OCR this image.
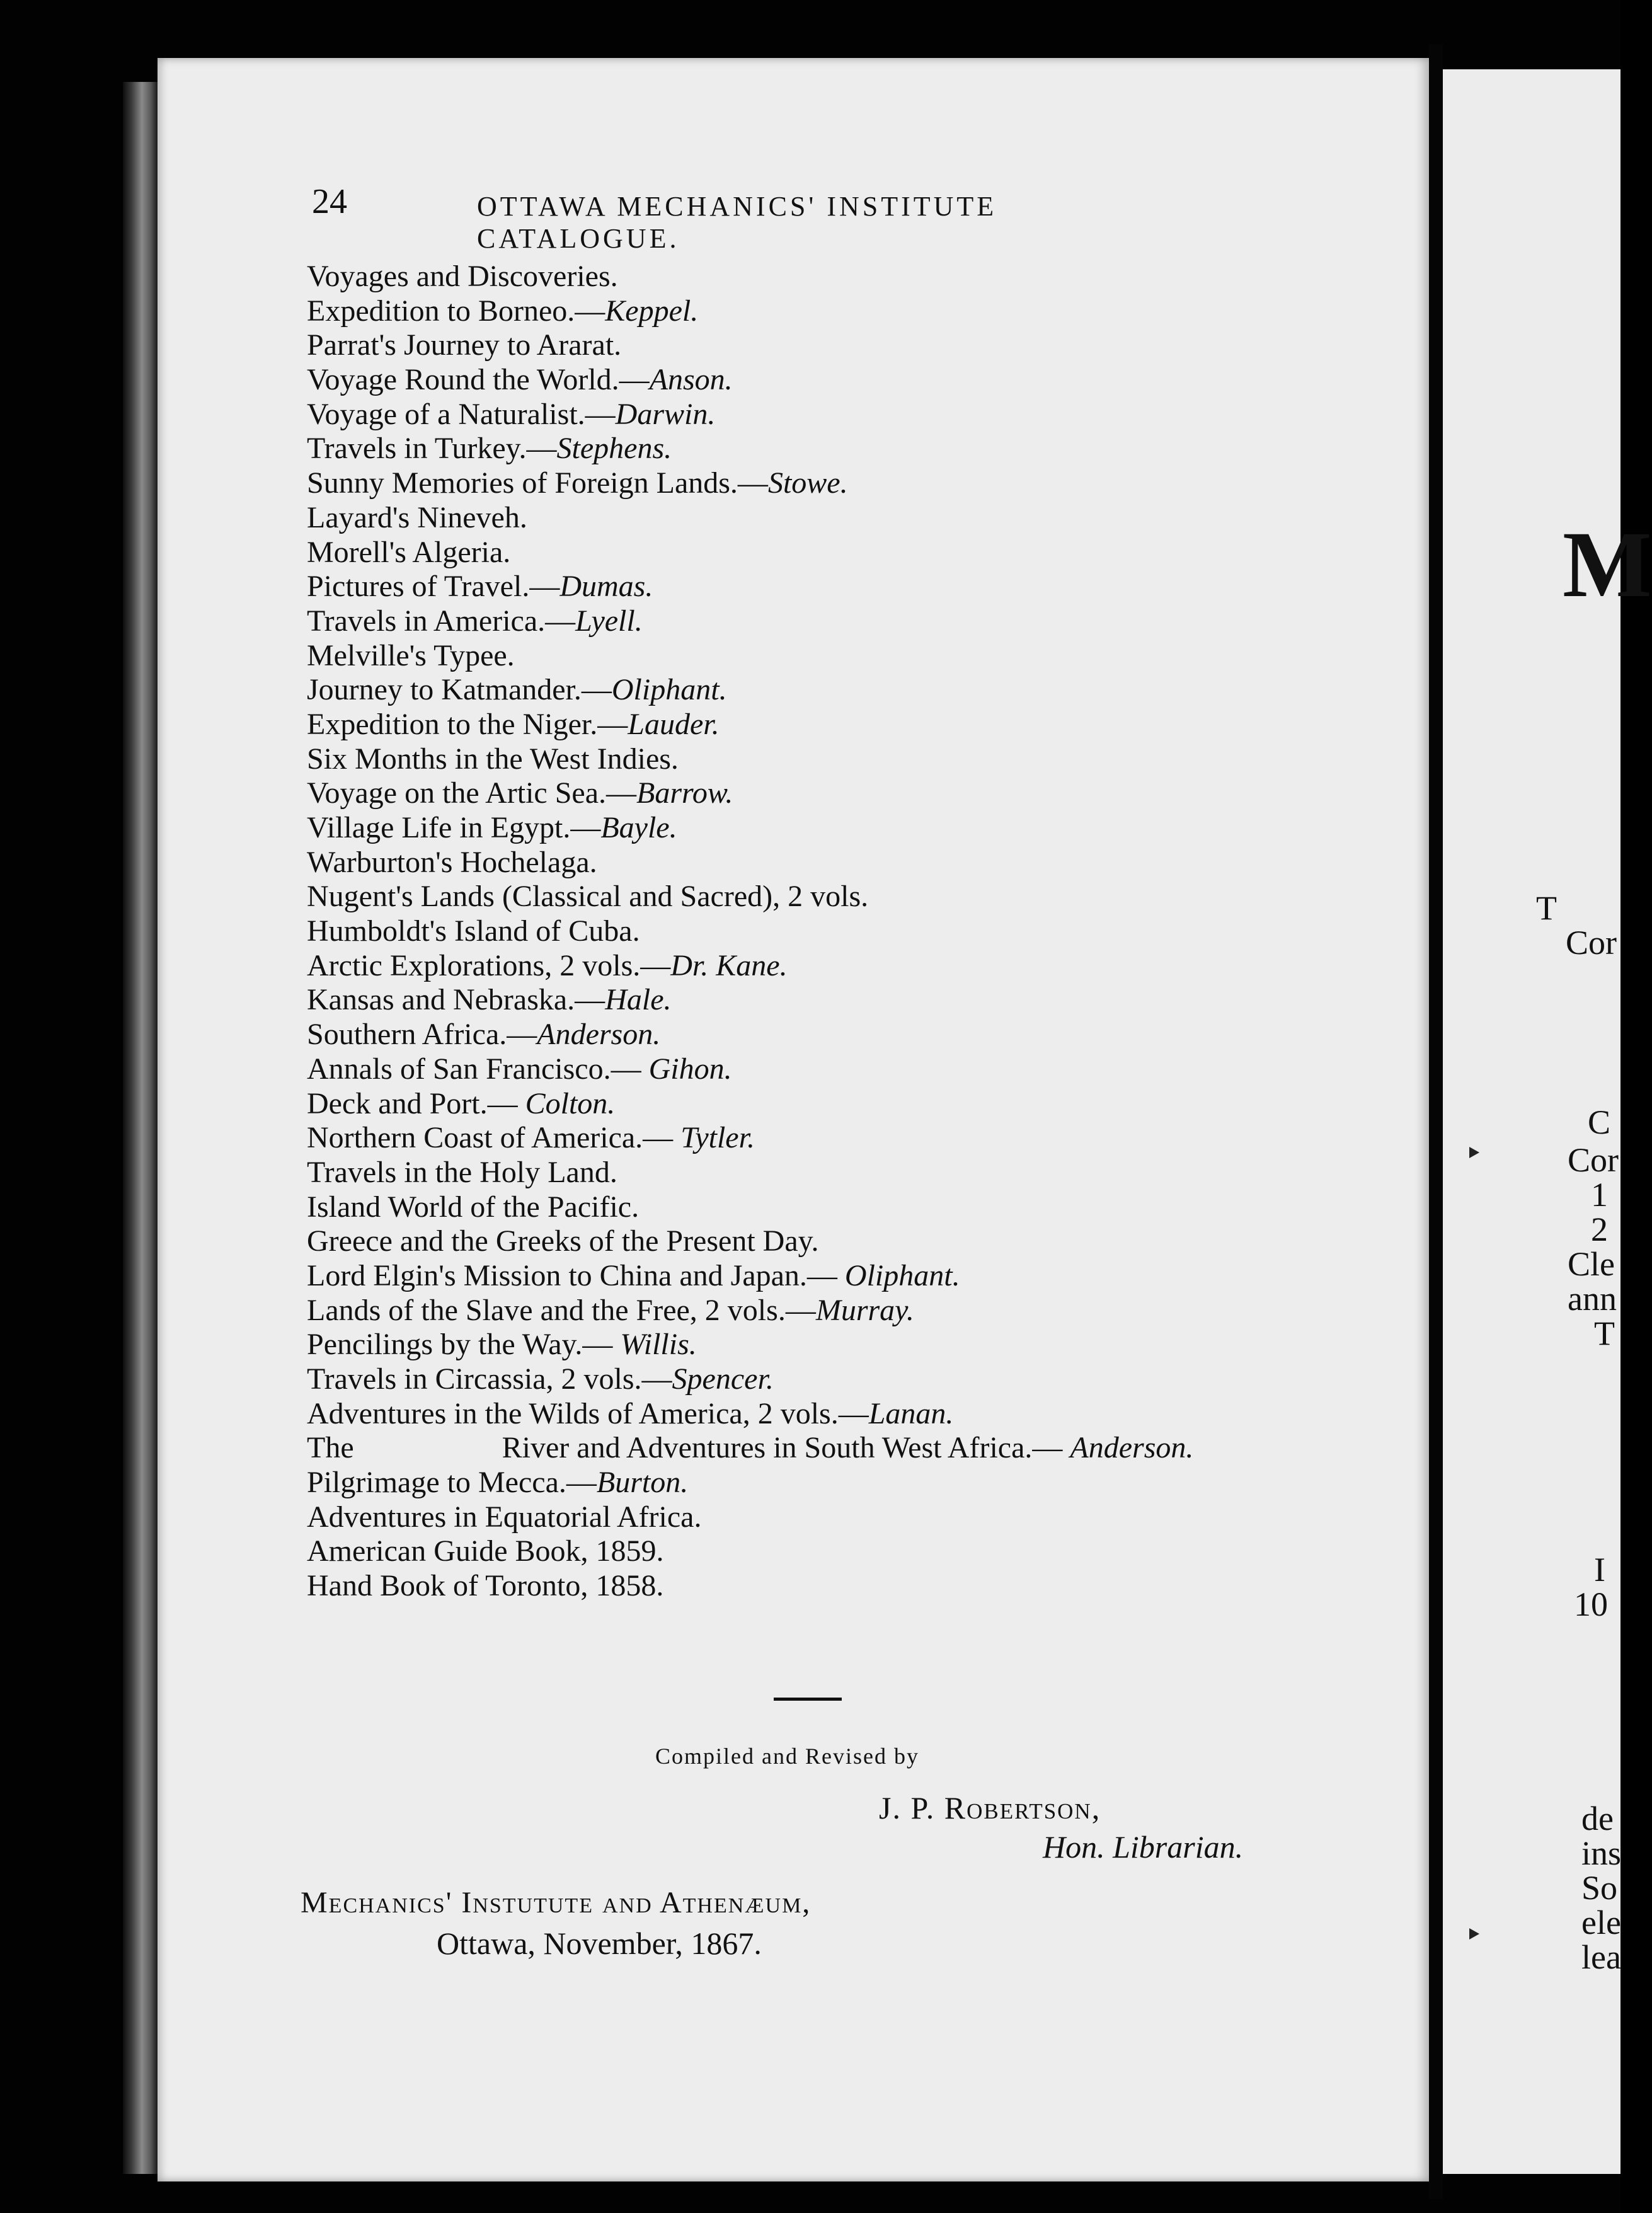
M
T
Cor
C
Cor
1
2
Cle
ann
T
I
10
de
ins
So
ele
lea
24	OTTAWA MECHANICS' INSTITUTE CATALOGUE.
Voyages and Discoveries.
Expedition to Borneo.—Keppel.
Parrat's Journey to Ararat.
Voyage Round the World.—Anson.
Voyage of a Naturalist.—Darwin.
Travels in Turkey.—Stephens.
Sunny Memories of Foreign Lands.—Stowe.
Layard's Nineveh.
Morell's Algeria.
Pictures of Travel.—Dumas.
Travels in America.—Lyell.
Melville's Typee.
Journey to Katmander.—Oliphant.
Expedition to the Niger.—Lauder.
Six Months in the West Indies.
Voyage on the Artic Sea.—Barrow.
Village Life in Egypt.—Bayle.
Warburton's Hochelaga.
Nugent's Lands (Classical and Sacred), 2 vols.
Humboldt's Island of Cuba.
Arctic Explorations, 2 vols.—Dr. Kane.
Kansas and Nebraska.—Hale.
Southern Africa.—Anderson.
Annals of San Francisco.— Gihon.
Deck and Port.— Colton.
Northern Coast of America.— Tytler.
Travels in the Holy Land.
Island World of the Pacific.
Greece and the Greeks of the Present Day.
Lord Elgin's Mission to China and Japan.— Oliphant.
Lands of the Slave and the Free, 2 vols.—Murray.
Pencilings by the Way.— Willis.
Travels in Circassia, 2 vols.—Spencer.
Adventures in the Wilds of America, 2 vols.—Lanan.
The	River and Adventures in South West Africa.— Anderson.
Pilgrimage to Mecca.—Burton.
Adventures in Equatorial Africa.
American Guide Book, 1859.
Hand Book of Toronto, 1858.
Compiled and Revised by
J. P. Robertson,
Hon. Librarian.
Mechanics' Instutute and Athenæum,
Ottawa, November, 1867.
